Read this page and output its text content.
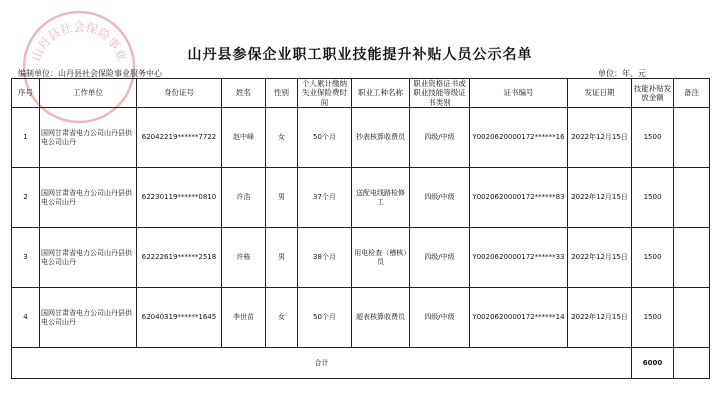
山丹县社会保险事业	山丹县参保企业职工职业技能提升补贴人员公示名单
编制单位：山丹县社会保险事业服务中心	单位：年、元
序号	工作单位	身份证号	姓名	性别	个人累计缴纳失业保险费时间	职业工种名称	职业资格证书或职业技能等级证书类别	证书编号	发证日期	技能补贴发放金额	备注
1	国网甘肃省电力公司山丹县供电公司山丹	62042219******7722	赵中峰	女	50个月	抄表核算收费员	四级/中级	Y0020620000172******16	2022年12月15日	1500	
2	国网甘肃省电力公司山丹县供电公司山丹	62230119******0810	许浩	男	37个月	送配电线路检修工	四级/中级	Y0020620000172******83	2022年12月15日	1500	
3	国网甘肃省电力公司山丹县供电公司山丹	62222619******2518	许栋	男	38个月	用电检查（稽核）员	四级/中级	Y0020620000172******33	2022年12月15日	1500	
4	国网甘肃省电力公司山丹县供电公司山丹	62040319******1645	李世苗	女	50个月	超表核算收费员	四级/中级	Y0020620000172******14	2022年12月15日	1500	
合计										6000	
